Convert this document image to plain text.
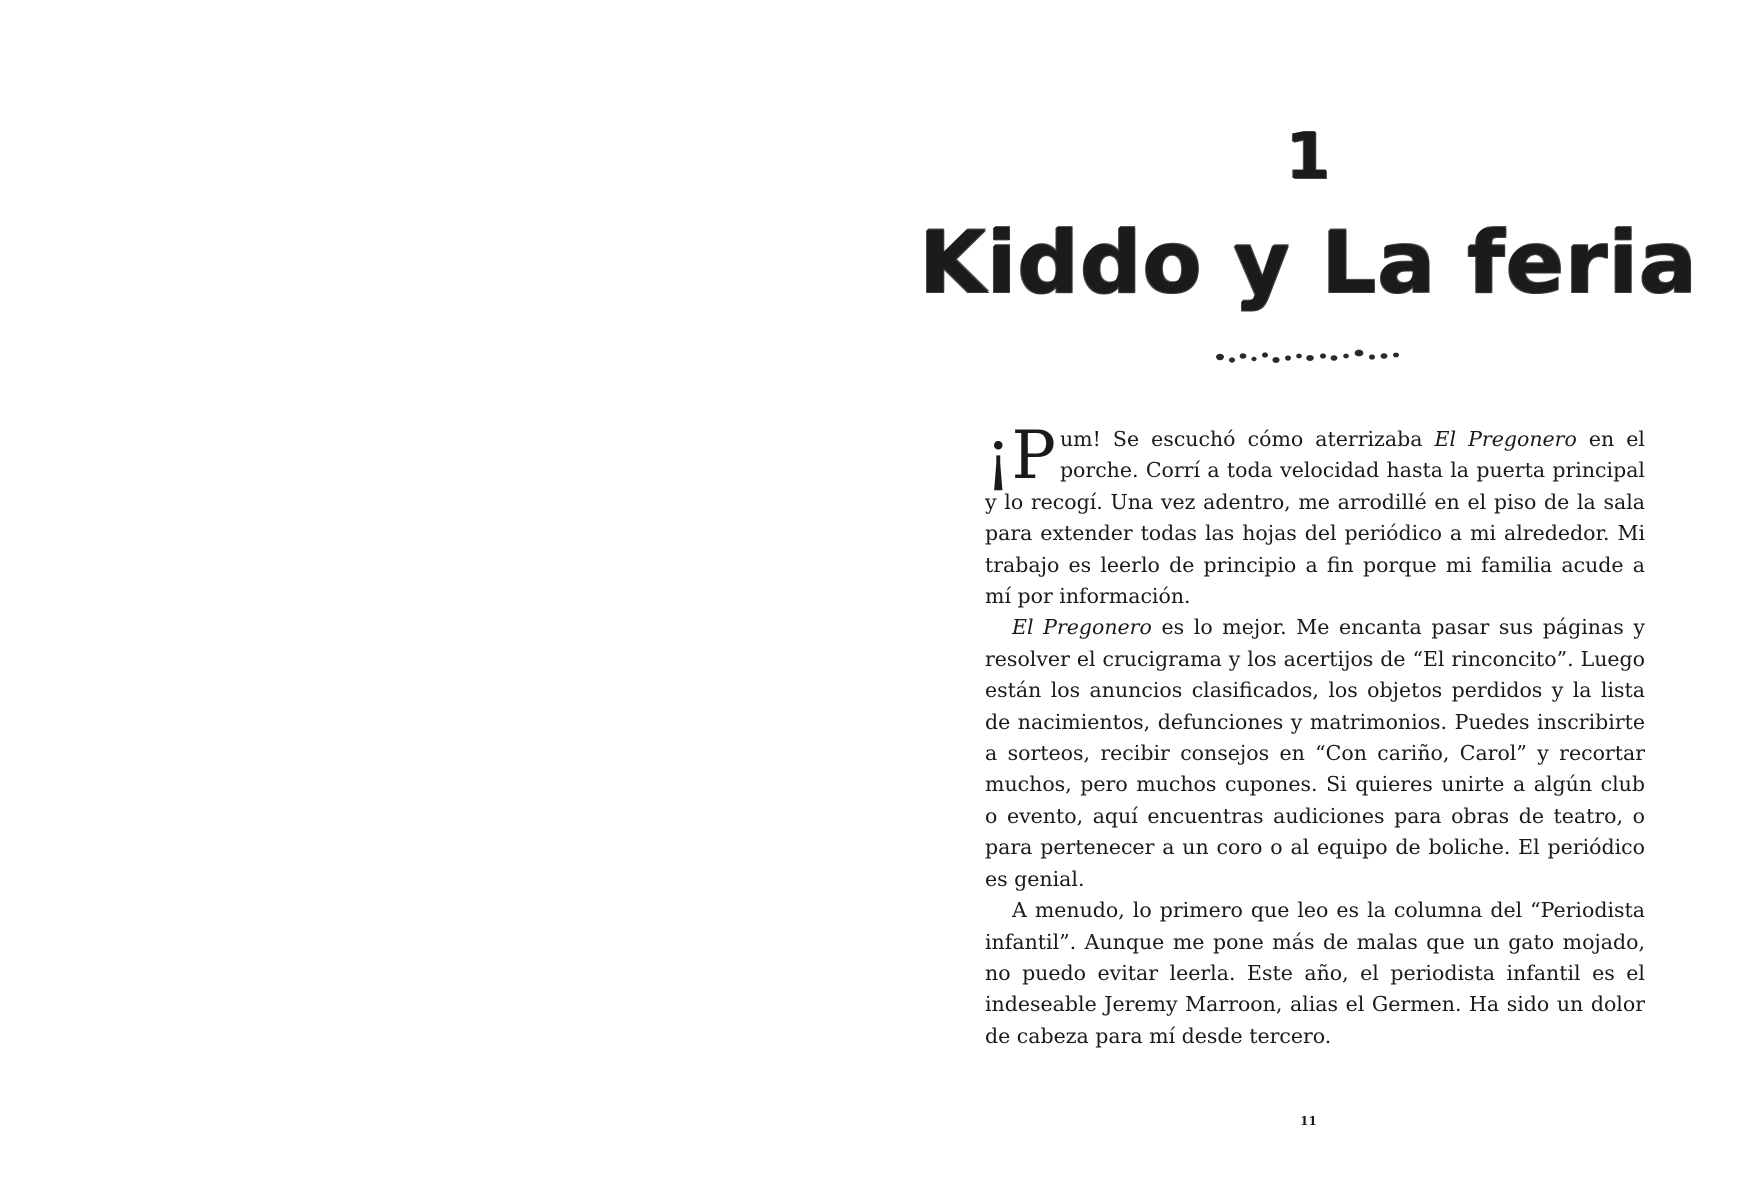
1
Kiddo y La feria

¡P um! Se escuchó cómo aterrizaba El Pregonero en el porche. Corrí a toda velocidad hasta la puerta principal y lo recogí. Una vez adentro, me arrodillé en el piso de la sala para extender todas las hojas del periódico a mi alrededor. Mi trabajo es leerlo de principio a fin porque mi familia acude a mí por información.

El Pregonero es lo mejor. Me encanta pasar sus páginas y resolver el crucigrama y los acertijos de “El rinconcito”. Luego están los anuncios clasificados, los objetos perdidos y la lista de nacimientos, defunciones y matrimonios. Puedes inscribirte a sorteos, recibir consejos en “Con cariño, Carol” y recortar muchos, pero muchos cupones. Si quieres unirte a algún club o evento, aquí encuentras audiciones para obras de teatro, o para pertenecer a un coro o al equipo de boliche. El periódico es genial.

A menudo, lo primero que leo es la columna del “Periodista infantil”. Aunque me pone más de malas que un gato mojado, no puedo evitar leerla. Este año, el periodista infantil es el indeseable Jeremy Marroon, alias el Germen. Ha sido un dolor de cabeza para mí desde tercero.

11
